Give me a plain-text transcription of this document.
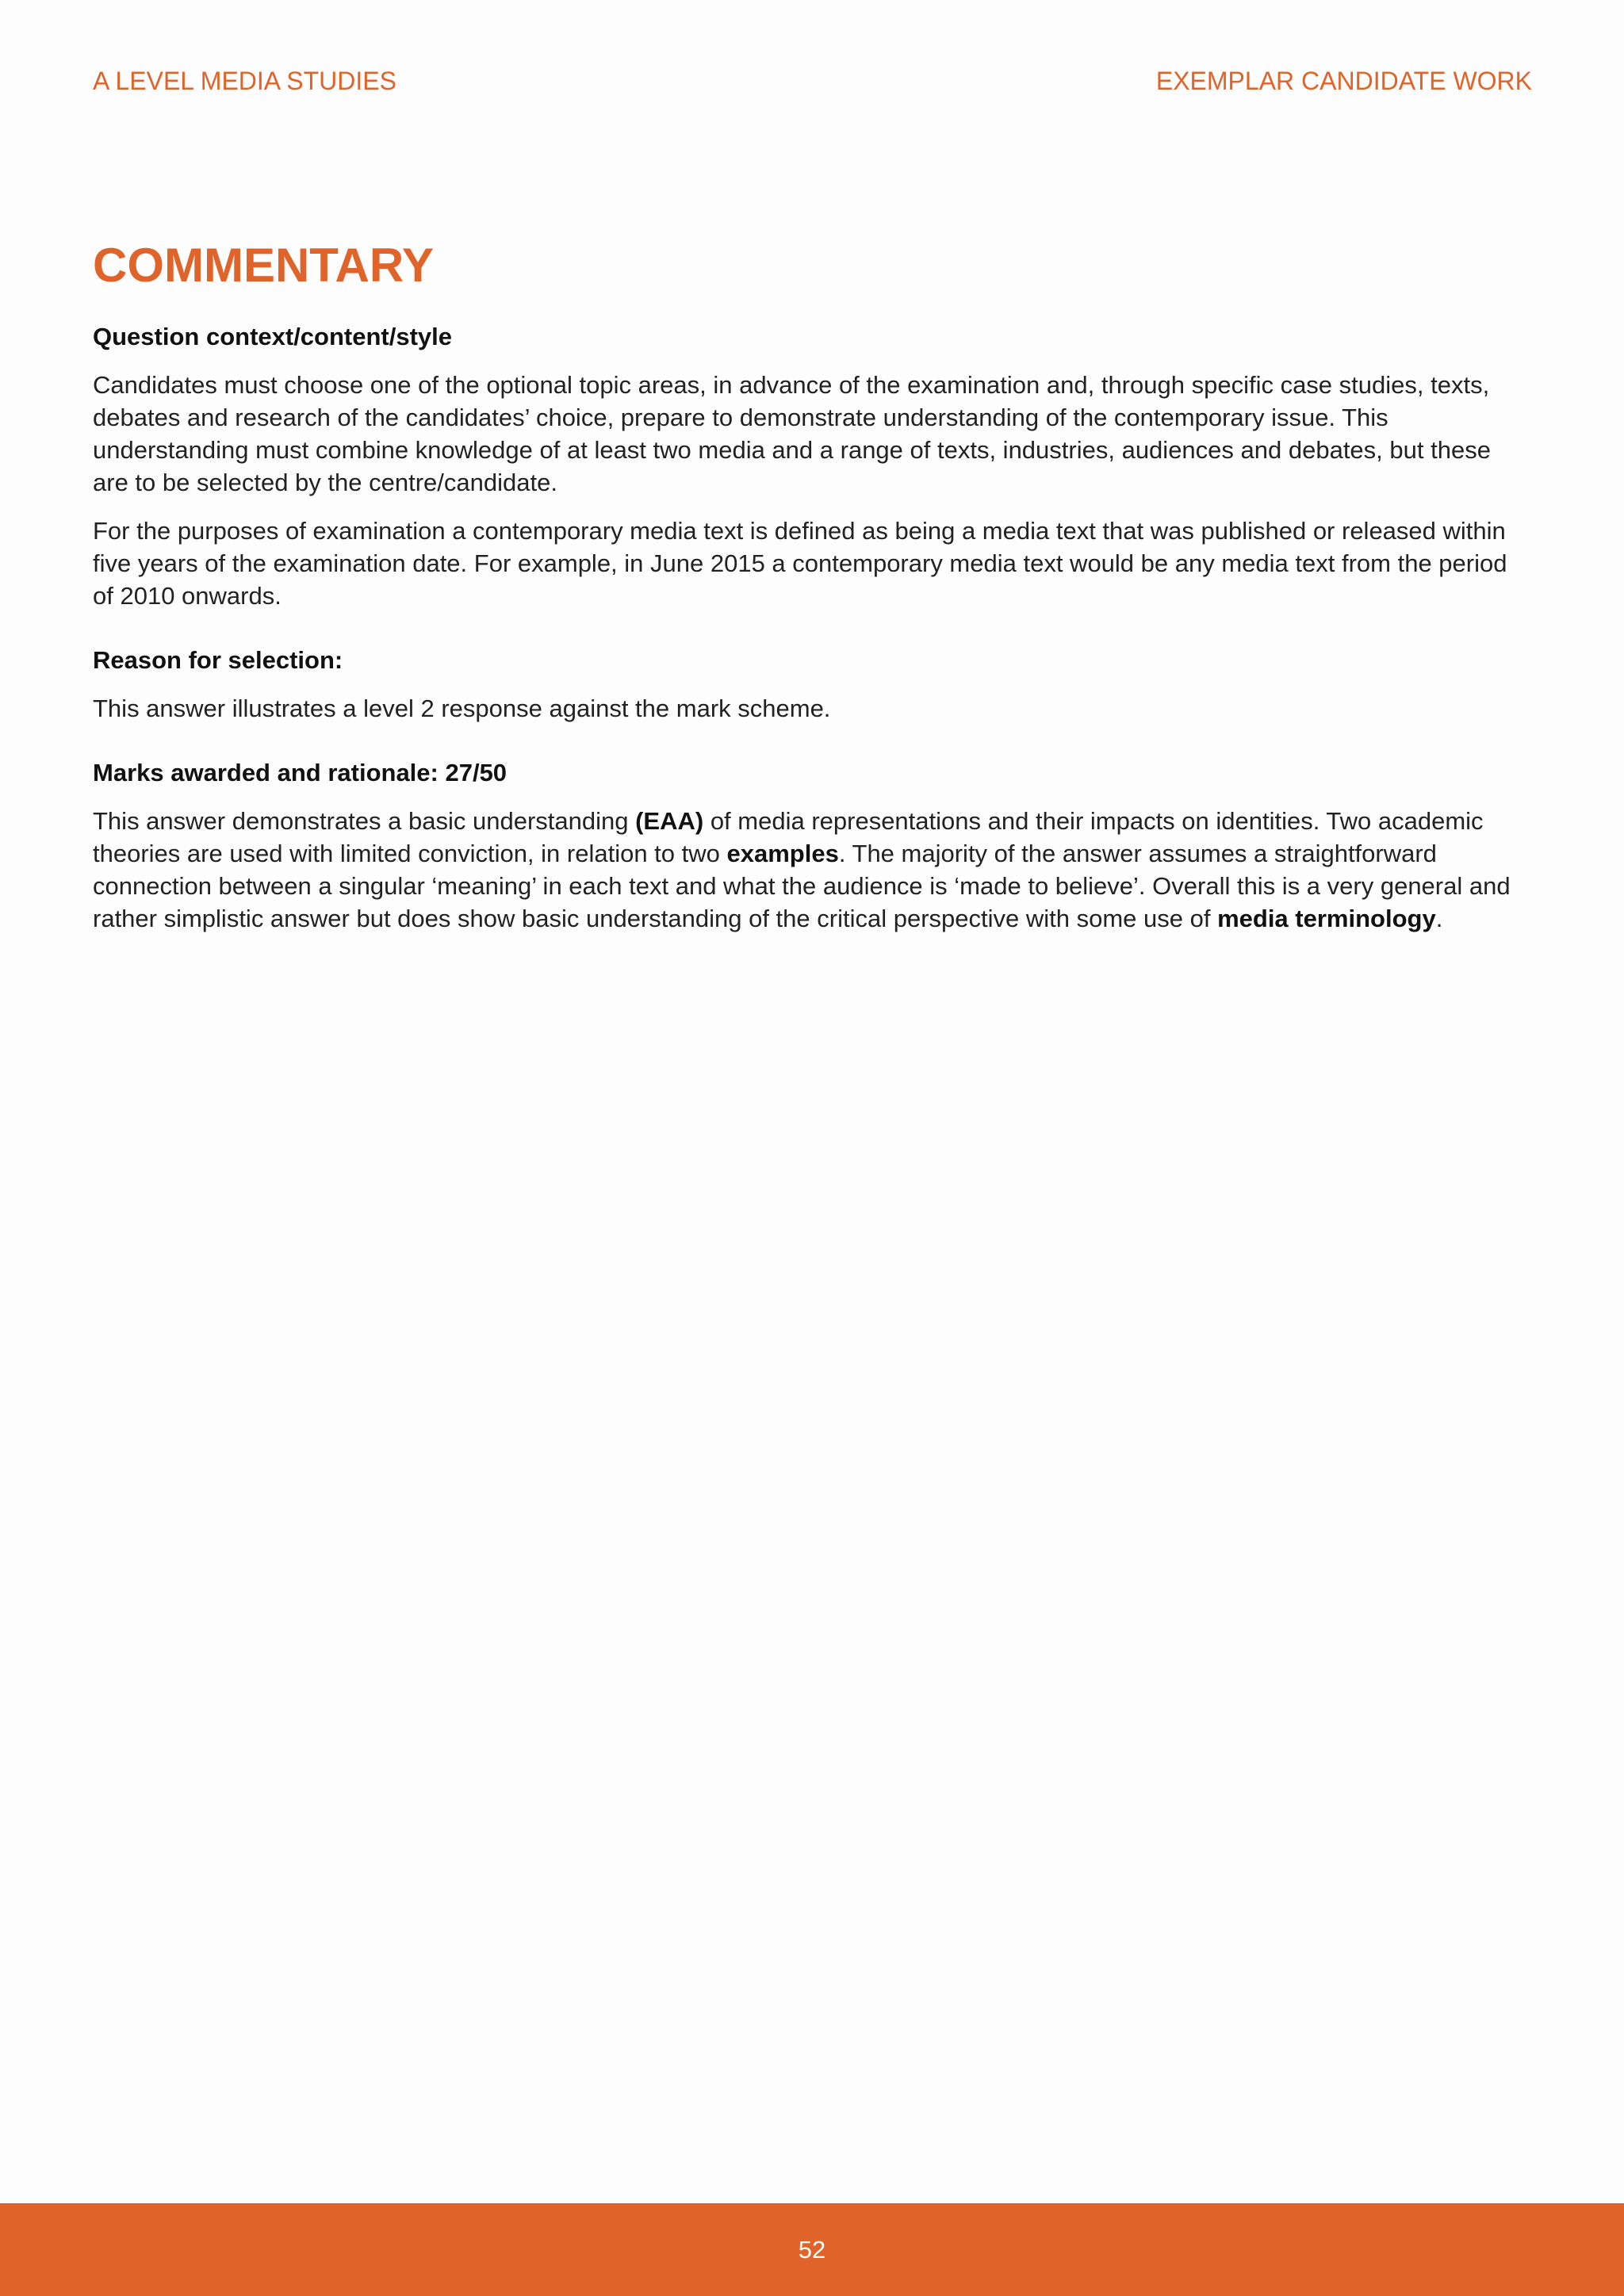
A LEVEL MEDIA STUDIES	EXEMPLAR CANDIDATE WORK
COMMENTARY
Question context/content/style

Candidates must choose one of the optional topic areas, in advance of the examination and, through specific case studies, texts, debates and research of the candidates’ choice, prepare to demonstrate understanding of the contemporary issue. This understanding must combine knowledge of at least two media and a range of texts, industries, audiences and debates, but these are to be selected by the centre/candidate.

For the purposes of examination a contemporary media text is defined as being a media text that was published or released within five years of the examination date. For example, in June 2015 a contemporary media text would be any media text from the period of 2010 onwards.

Reason for selection:

This answer illustrates a level 2 response against the mark scheme.

Marks awarded and rationale: 27/50

This answer demonstrates a basic understanding (EAA) of media representations and their impacts on identities. Two academic theories are used with limited conviction, in relation to two examples. The majority of the answer assumes a straightforward connection between a singular ‘meaning’ in each text and what the audience is ‘made to believe’. Overall this is a very general and rather simplistic answer but does show basic understanding of the critical perspective with some use of media terminology.

52
